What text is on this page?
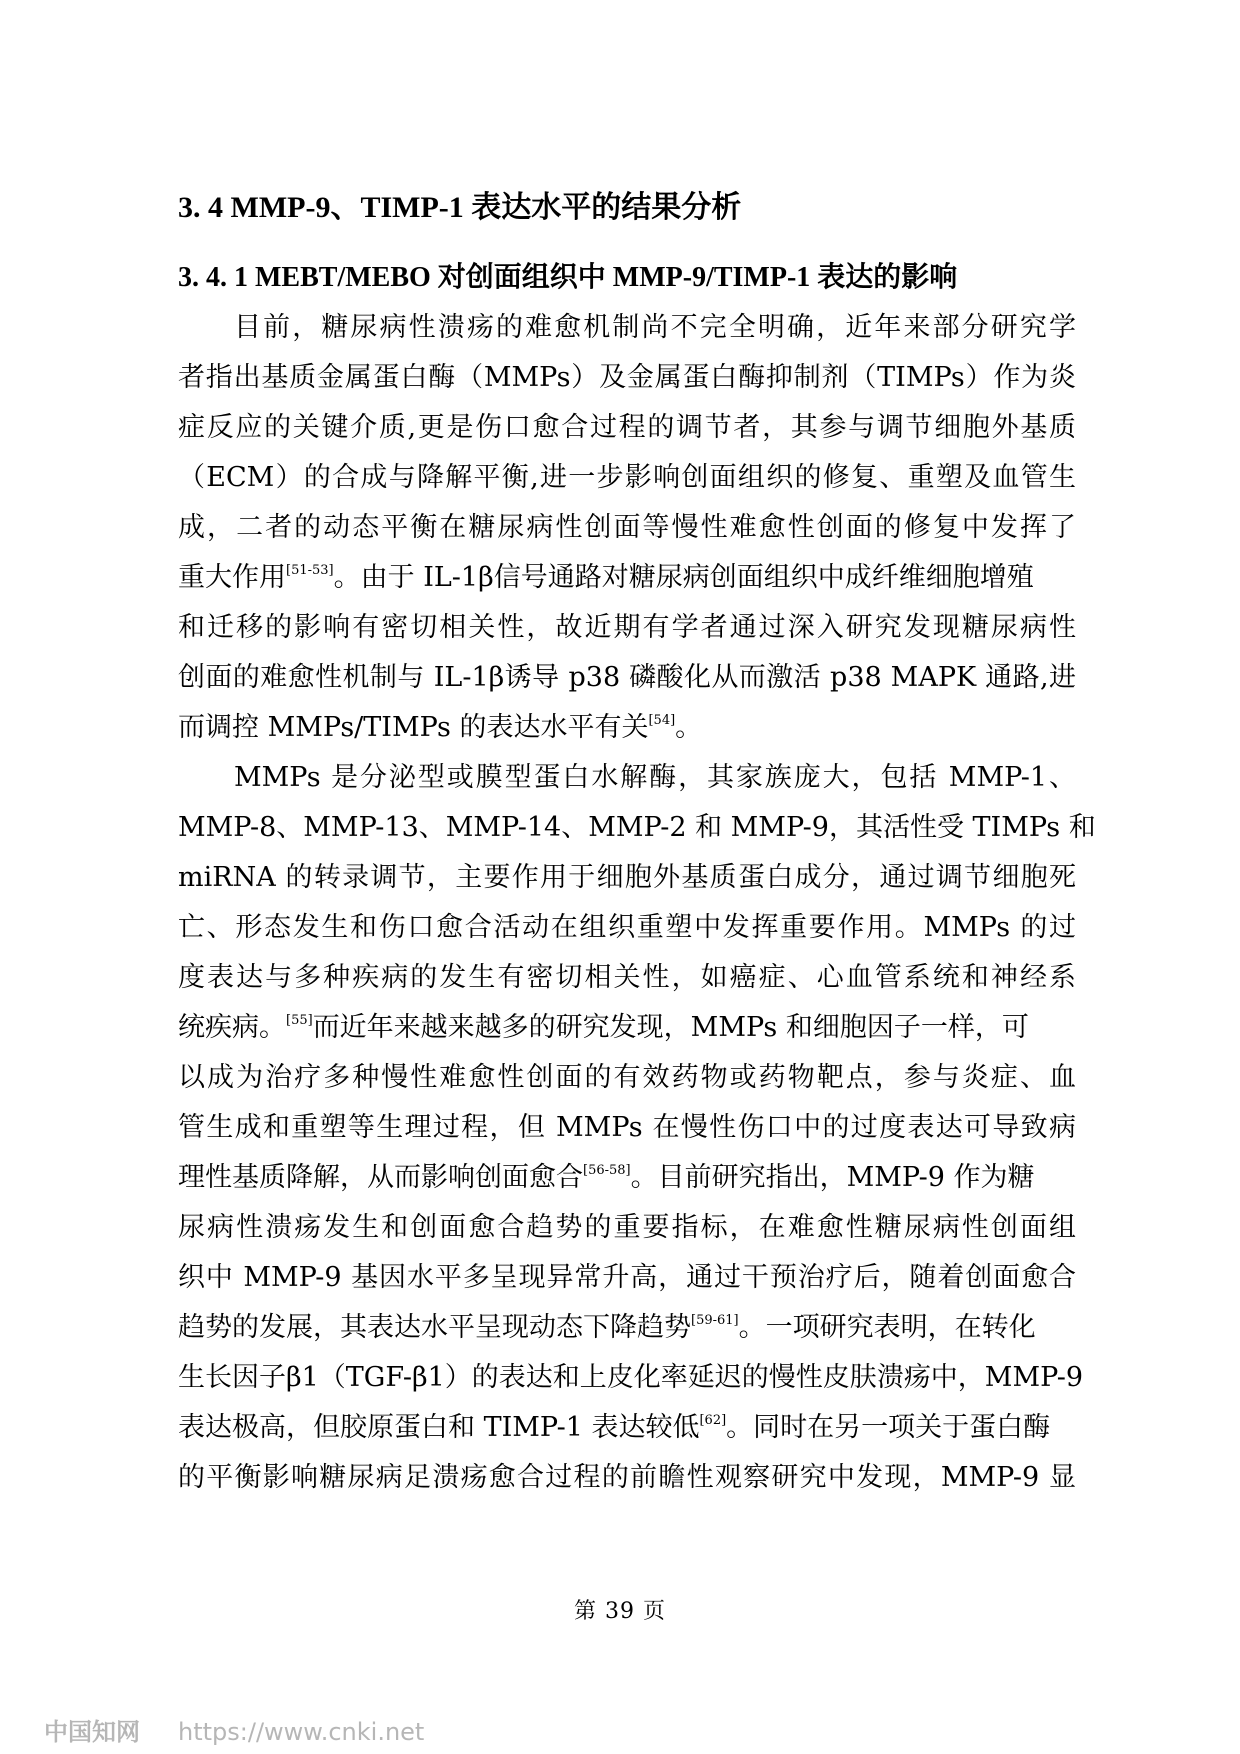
3. 4 MMP-9、TIMP-1 表达水平的结果分析
3. 4. 1 MEBT/MEBO 对创面组织中 MMP-9/TIMP-1 表达的影响
目前，糖尿病性溃疡的难愈机制尚不完全明确，近年来部分研究学
者指出基质金属蛋白酶（MMPs）及金属蛋白酶抑制剂（TIMPs）作为炎
症反应的关键介质,更是伤口愈合过程的调节者，其参与调节细胞外基质
（ECM）的合成与降解平衡,进一步影响创面组织的修复、重塑及血管生
成，二者的动态平衡在糖尿病性创面等慢性难愈性创面的修复中发挥了
重大作用[51-53]。由于 IL-1β信号通路对糖尿病创面组织中成纤维细胞增殖
和迁移的影响有密切相关性，故近期有学者通过深入研究发现糖尿病性
创面的难愈性机制与 IL-1β诱导 p38 磷酸化从而激活 p38 MAPK 通路,进
而调控 MMPs/TIMPs 的表达水平有关[54]。
MMPs 是分泌型或膜型蛋白水解酶，其家族庞大，包括 MMP-1、
MMP-8、MMP-13、MMP-14、MMP-2 和 MMP-9，其活性受 TIMPs 和
miRNA 的转录调节，主要作用于细胞外基质蛋白成分，通过调节细胞死
亡、形态发生和伤口愈合活动在组织重塑中发挥重要作用。MMPs 的过
度表达与多种疾病的发生有密切相关性，如癌症、心血管系统和神经系
统疾病。[55]而近年来越来越多的研究发现，MMPs 和细胞因子一样，可
以成为治疗多种慢性难愈性创面的有效药物或药物靶点，参与炎症、血
管生成和重塑等生理过程，但 MMPs 在慢性伤口中的过度表达可导致病
理性基质降解，从而影响创面愈合[56-58]。目前研究指出，MMP-9 作为糖
尿病性溃疡发生和创面愈合趋势的重要指标，在难愈性糖尿病性创面组
织中 MMP-9 基因水平多呈现异常升高，通过干预治疗后，随着创面愈合
趋势的发展，其表达水平呈现动态下降趋势[59-61]。一项研究表明，在转化
生长因子β1（TGF-β1）的表达和上皮化率延迟的慢性皮肤溃疡中，MMP-9
表达极高，但胶原蛋白和 TIMP-1 表达较低[62]。同时在另一项关于蛋白酶
的平衡影响糖尿病足溃疡愈合过程的前瞻性观察研究中发现，MMP-9 显
第 39 页
中国知网 https://www.cnki.net
